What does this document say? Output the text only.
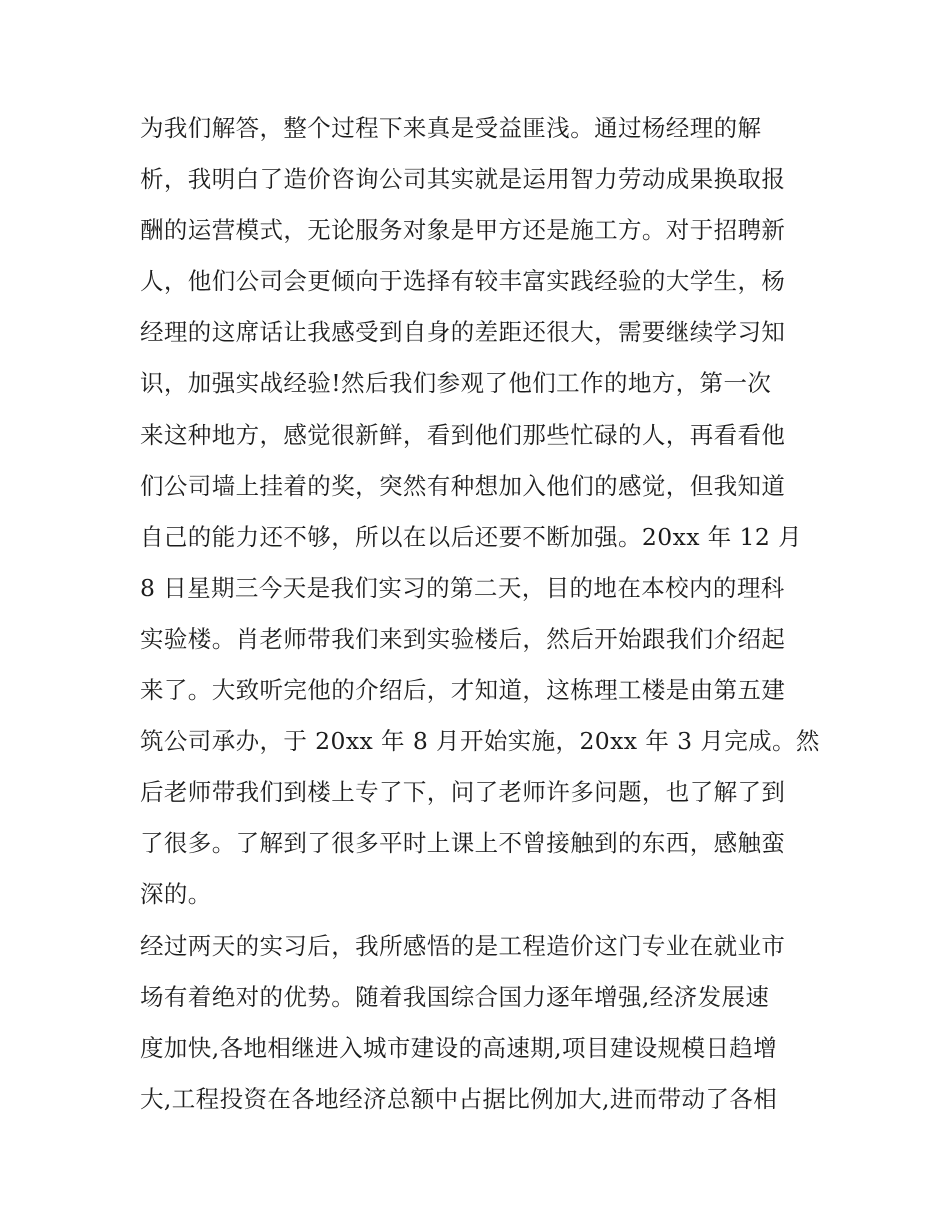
为我们解答，整个过程下来真是受益匪浅。通过杨经理的解
析，我明白了造价咨询公司其实就是运用智力劳动成果换取报
酬的运营模式，无论服务对象是甲方还是施工方。对于招聘新
人，他们公司会更倾向于选择有较丰富实践经验的大学生，杨
经理的这席话让我感受到自身的差距还很大，需要继续学习知
识，加强实战经验!然后我们参观了他们工作的地方，第一次
来这种地方，感觉很新鲜，看到他们那些忙碌的人，再看看他
们公司墙上挂着的奖，突然有种想加入他们的感觉，但我知道
自己的能力还不够，所以在以后还要不断加强。20xx 年 12 月
8 日星期三今天是我们实习的第二天，目的地在本校内的理科
实验楼。肖老师带我们来到实验楼后，然后开始跟我们介绍起
来了。大致听完他的介绍后，才知道，这栋理工楼是由第五建
筑公司承办，于 20xx 年 8 月开始实施，20xx 年 3 月完成。然
后老师带我们到楼上专了下，问了老师许多问题，也了解了到
了很多。了解到了很多平时上课上不曾接触到的东西，感触蛮
深的。
经过两天的实习后，我所感悟的是工程造价这门专业在就业市
场有着绝对的优势。随着我国综合国力逐年增强,经济发展速
度加快,各地相继进入城市建设的高速期,项目建设规模日趋增
大,工程投资在各地经济总额中占据比例加大,进而带动了各相
